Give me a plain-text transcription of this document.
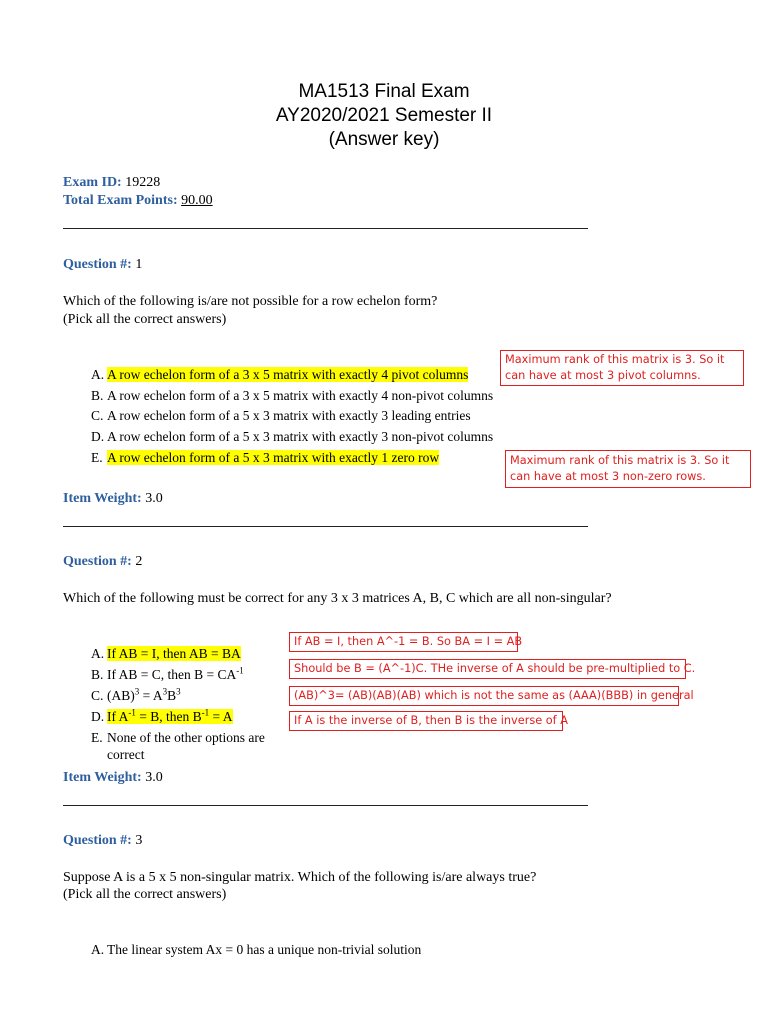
MA1513 Final Exam
AY2020/2021 Semester II
(Answer key)
Exam ID: 19228
Total Exam Points: 90.00
Question #: 1
Which of the following is/are not possible for a row echelon form?
(Pick all the correct answers)
A. A row echelon form of a 3 x 5 matrix with exactly 4 pivot columns
B. A row echelon form of a 3 x 5 matrix with exactly 4 non-pivot columns
C. A row echelon form of a 5 x 3 matrix with exactly 3 leading entries
D. A row echelon form of a 5 x 3 matrix with exactly 3 non-pivot columns
E. A row echelon form of a 5 x 3 matrix with exactly 1 zero row
Maximum rank of this matrix is 3. So it can have at most 3 pivot columns.
Maximum rank of this matrix is 3. So it can have at most 3 non-zero rows.
Item Weight: 3.0
Question #: 2
Which of the following must be correct for any 3 x 3 matrices A, B, C which are all non-singular?
A. If AB = I, then AB = BA
B. If AB = C, then $B = CA^{-1}$
C. $(AB)^3 = A^3B^3$
D. If $A^{-1} = B$, then $B^{-1} = A$
E. None of the other options are
correct
If AB = I, then A^-1 = B. So BA = I = AB
Should be B = (A^-1)C. THe inverse of A should be pre-multiplied to C.
(AB)^3= (AB)(AB)(AB) which is not the same as (AAA)(BBB) in general
If A is the inverse of B, then B is the inverse of A
Item Weight: 3.0
Question #: 3
Suppose A is a 5 x 5 non-singular matrix. Which of the following is/are always true?
(Pick all the correct answers)
A. The linear system Ax = 0 has a unique non-trivial solution
